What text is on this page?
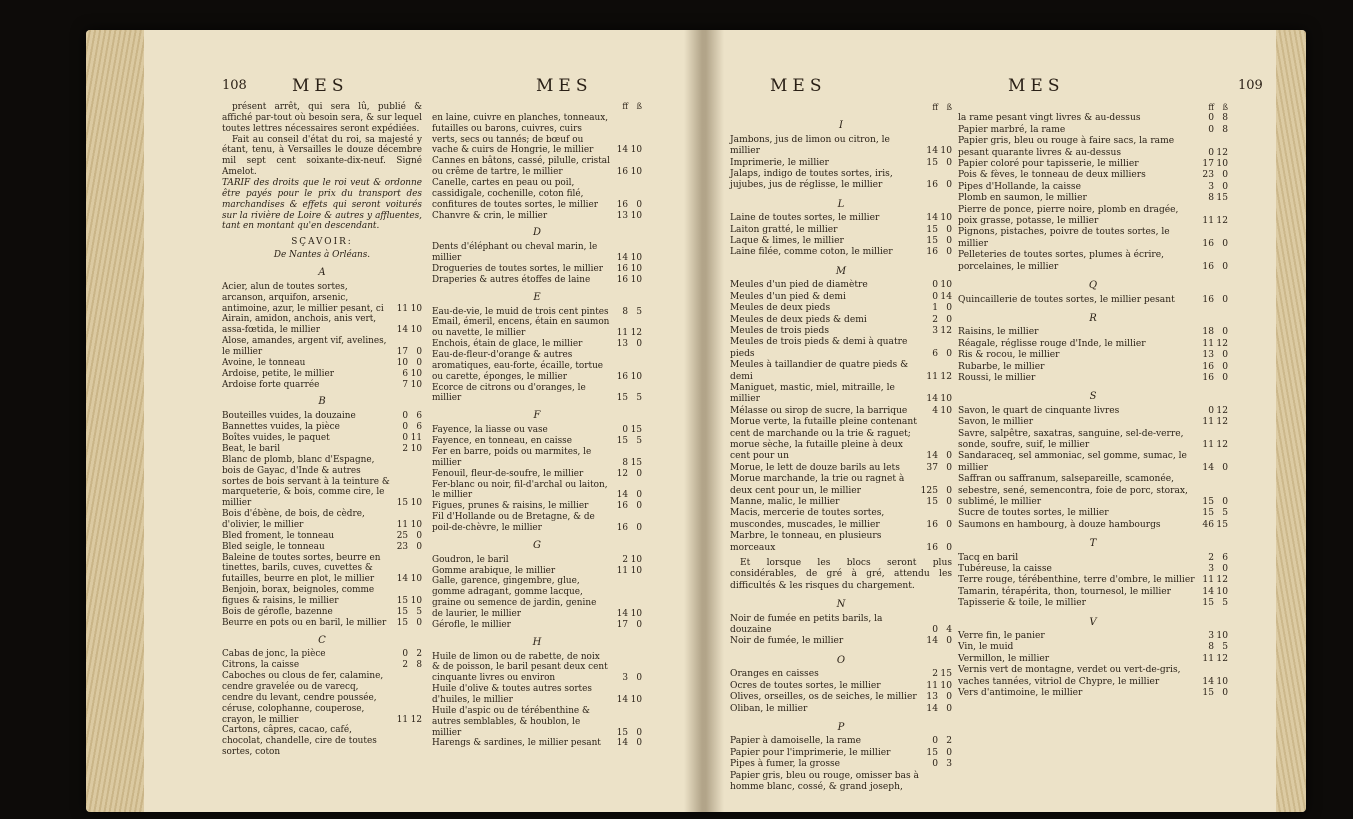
108	MES	MES

présent arrêt, qui sera lû, publié & affiché par-tout où besoin sera, & sur lequel toutes lettres nécessaires seront expédiées.

Fait au conseil d'état du roi, sa majesté y étant, tenu, à Versailles le douze décembre mil sept cent soixante-dix-neuf. Signé Amelot.

TARIF des droits que le roi veut & ordonne être payés pour le prix du transport des marchandises & effets qui seront voiturés sur la rivière de Loire & autres y affluentes, tant en montant qu'en descendant.

SÇAVOIR:
De Nantes à Orléans.
A
Acier, alun de toutes sortes, arcanson, arquifon, arsenic, antimoine, azur, le millier pesant, ci	11 10
Airain, amidon, anchois, anis vert, assa-fœtida, le millier	14 10
Alose, amandes, argent vif, avelines, le millier	17 0
Avoine, le tonneau	10 0
Ardoise, petite, le millier	6 10
Ardoise forte quarrée	7 10
B
Bouteilles vuides, la douzaine	0 6
Bannettes vuides, la pièce	0 6
Boîtes vuides, le paquet	0 11
Beat, le baril	2 10
Blanc de plomb, blanc d'Espagne, bois de Gayac, d'Inde & autres sortes de bois servant à la teinture & marqueterie, & bois, comme cire, le millier	15 10
Bois d'ébène, de bois, de cèdre, d'olivier, le millier	11 10
Bled froment, le tonneau	25 0
Bled seigle, le tonneau	23 0
Baleine de toutes sortes, beurre en tinettes, barils, cuves, cuvettes & futailles, beurre en plot, le millier	14 10
Benjoin, borax, beignoles, comme figues & raisins, le millier	15 10
Bois de gérofle, bazenne	15 5
Beurre en pots ou en baril, le millier	15 0
C
Cabas de jonc, la pièce	0 2
Citrons, la caisse	2 8
Caboches ou clous de fer, calamine, cendre gravelée ou de varecq, cendre du levant, cendre poussée, céruse, colophanne, couperose, crayon, le millier	11 12
Cartons, câpres, cacao, café, chocolat, chandelle, cire de toutes sortes, coton
ff	ß
en laine, cuivre en planches, tonneaux, futailles ou barons, cuivres, cuirs verts, secs ou tannés; de bœuf ou vache & cuirs de Hongrie, le millier	14 10
Cannes en bâtons, cassé, pilulle, cristal ou crême de tartre, le millier	16 10
Canelle, cartes en peau ou poil, cassidigale, cochenille, coton filé, confitures de toutes sortes, le millier	16 0
Chanvre & crin, le millier	13 10
D
Dents d'éléphant ou cheval marin, le millier	14 10
Drogueries de toutes sortes, le millier	16 10
Draperies & autres étoffes de laine	16 10
E
Eau-de-vie, le muid de trois cent pintes	8 5
Email, émeril, encens, étain en saumon ou navette, le millier	11 12
Enchois, étain de glace, le millier	13 0
Eau-de-fleur-d'orange & autres aromatiques, eau-forte, écaille, tortue ou carette, éponges, le millier	16 10
Ecorce de citrons ou d'oranges, le millier	15 5
F
Fayence, la liasse ou vase	0 15
Fayence, en tonneau, en caisse	15 5
Fer en barre, poids ou marmites, le millier	8 15
Fenouil, fleur-de-soufre, le millier	12 0
Fer-blanc ou noir, fil-d'archal ou laiton, le millier	14 0
Figues, prunes & raisins, le millier	16 0
Fil d'Hollande ou de Bretagne, & de poil-de-chèvre, le millier	16 0
G
Goudron, le baril	2 10
Gomme arabique, le millier	11 10
Galle, garence, gingembre, glue, gomme adragant, gomme lacque, graine ou semence de jardin, genine de laurier, le millier	14 10
Gérofle, le millier	17 0
H
Huile de limon ou de rabette, de noix & de poisson, le baril pesant deux cent cinquante livres ou environ	3 0
Huile d'olive & toutes autres sortes d'huiles, le millier	14 10
Huile d'aspic ou de térébenthine & autres semblables, & houblon, le millier	15 0
Harengs & sardines, le millier pesant	14 0
MES	MES	109
ff	ß
I
Jambons, jus de limon ou citron, le millier	14 10
Imprimerie, le millier	15 0
Jalaps, indigo de toutes sortes, iris, jujubes, jus de réglisse, le millier	16 0
L
Laine de toutes sortes, le millier	14 10
Laiton gratté, le millier	15 0
Laque & limes, le millier	15 0
Laine filée, comme coton, le millier	16 0
M
Meules d'un pied de diamètre	0 10
Meules d'un pied & demi	0 14
Meules de deux pieds	1 0
Meules de deux pieds & demi	2 0
Meules de trois pieds	3 12
Meules de trois pieds & demi à quatre pieds	6 0
Meules à taillandier de quatre pieds & demi	11 12
Maniguet, mastic, miel, mitraille, le millier	14 10
Mélasse ou sirop de sucre, la barrique	4 10
Morue verte, la futaille pleine contenant cent de marchande ou la trie & raguet; morue sèche, la futaille pleine à deux cent pour un	14 0
Morue, le lett de douze barils au lets	37 0
Morue marchande, la trie ou ragnet à deux cent pour un, le millier	125 0
Manne, malic, le millier	15 0
Macis, mercerie de toutes sortes, muscondes, muscades, le millier	16 0
Marbre, le tonneau, en plusieurs morceaux	16 0

Et lorsque les blocs seront plus considérables, de gré à gré, attendu les difficultés & les risques du chargement.

N
Noir de fumée en petits barils, la douzaine	0 4
Noir de fumée, le millier	14 0
O
Oranges en caisses	2 15
Ocres de toutes sortes, le millier	11 10
Olives, orseilles, os de seiches, le millier	13 0
Oliban, le millier	14 0
P
Papier à damoiselle, la rame	0 2
Papier pour l'imprimerie, le millier	15 0
Pipes à fumer, la grosse	0 3
Papier gris, bleu ou rouge, omisser bas à homme blanc, cossé, & grand joseph,
ff	ß
la rame pesant vingt livres & au-dessus	0 8
Papier marbré, la rame	0 8
Papier gris, bleu ou rouge à faire sacs, la rame pesant quarante livres & au-dessus	0 12
Papier coloré pour tapisserie, le millier	17 10
Pois & fèves, le tonneau de deux milliers	23 0
Pipes d'Hollande, la caisse	3 0
Plomb en saumon, le millier	8 15
Pierre de ponce, pierre noire, plomb en dragée, poix grasse, potasse, le millier	11 12
Pignons, pistaches, poivre de toutes sortes, le millier	16 0
Pelleteries de toutes sortes, plumes à écrire, porcelaines, le millier	16 0
Q
Quincaillerie de toutes sortes, le millier pesant	16 0
R
Raisins, le millier	18 0
Réagale, réglisse rouge d'Inde, le millier	11 12
Ris & rocou, le millier	13 0
Rubarbe, le millier	16 0
Roussi, le millier	16 0
S
Savon, le quart de cinquante livres	0 12
Savon, le millier	11 12
Savre, salpêtre, saxatras, sanguine, sel-de-verre, sonde, soufre, suif, le millier	11 12
Sandaraceq, sel ammoniac, sel gomme, sumac, le millier	14 0
Saffran ou saffranum, salsepareille, scamonée, sebestre, sené, semencontra, foie de porc, storax, sublimé, le millier	15 0
Sucre de toutes sortes, le millier	15 5
Saumons en hambourg, à douze hambourgs	46 15
T
Tacq en baril	2 6
Tubéreuse, la caisse	3 0
Terre rouge, térébenthine, terre d'ombre, le millier 11 12
Tamarin, térapérita, thon, tournesol, le millier	14 10
Tapisserie & toile, le millier	15 5
V
Verre fin, le panier	3 10
Vin, le muid	8 5
Vermillon, le millier	11 12
Vernis vert de montagne, verdet ou vert-de-gris, vaches tannées, vitriol de Chypre, le millier	14 10
Vers d'antimoine, le millier	15 0
